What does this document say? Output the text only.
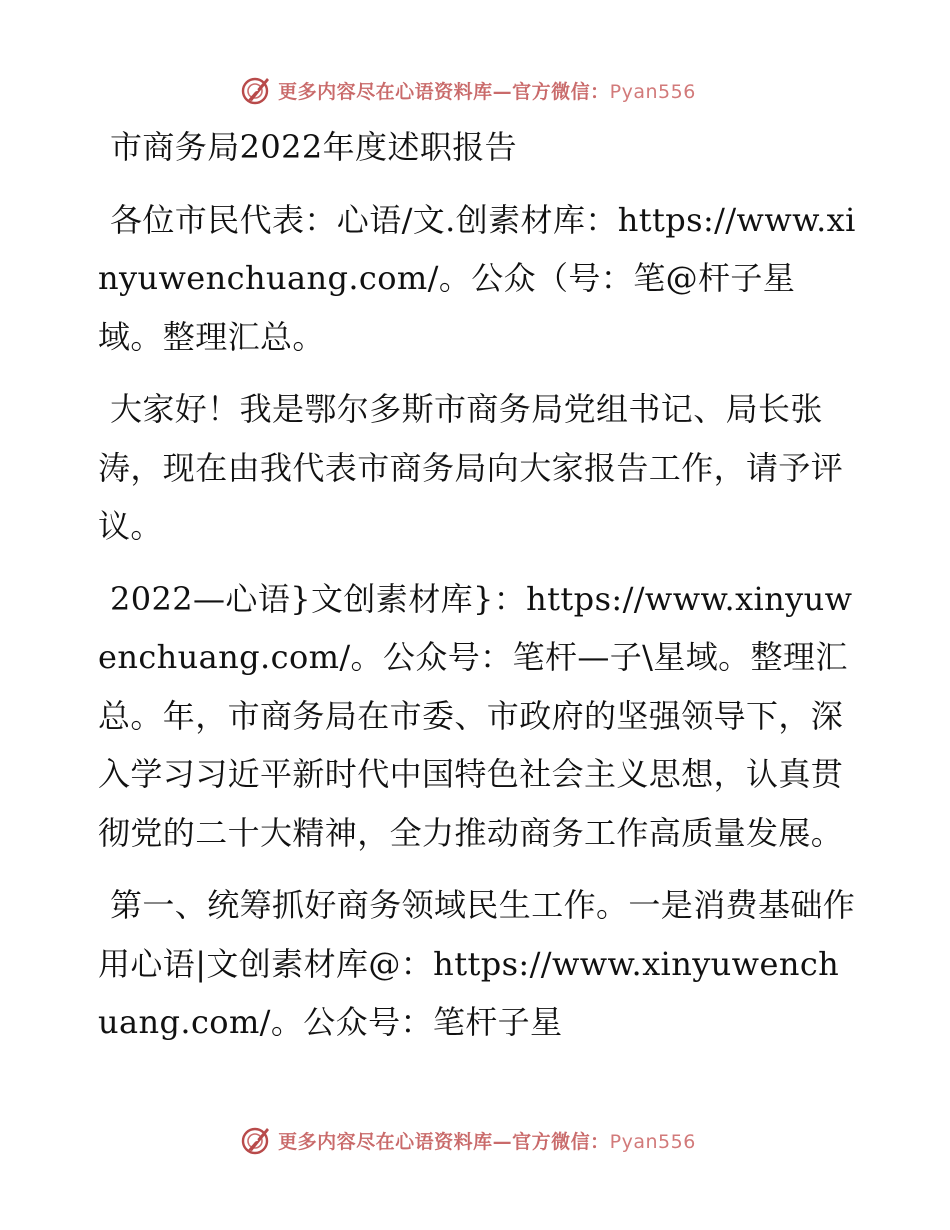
更多内容尽在心语资料库—官方微信：Pyan556

市商务局2022年度述职报告

各位市民代表：心语/文.创素材库：https://www.xinyuwenchuang.com/。公众（号：笔@杆子星域。整理汇总。

大家好！我是鄂尔多斯市商务局党组书记、局长张涛，现在由我代表市商务局向大家报告工作，请予评议。

2022—心语}文创素材库}：https://www.xinyuwenchuang.com/。公众号：笔杆—子\星域。整理汇总。年，市商务局在市委、市政府的坚强领导下，深入学习习近平新时代中国特色社会主义思想，认真贯彻党的二十大精神，全力推动商务工作高质量发展。

第一、统筹抓好商务领域民生工作。一是消费基础作用心语|文创素材库@：https://www.xinyuwenchuang.com/。公众号：笔杆子星

更多内容尽在心语资料库—官方微信：Pyan556
